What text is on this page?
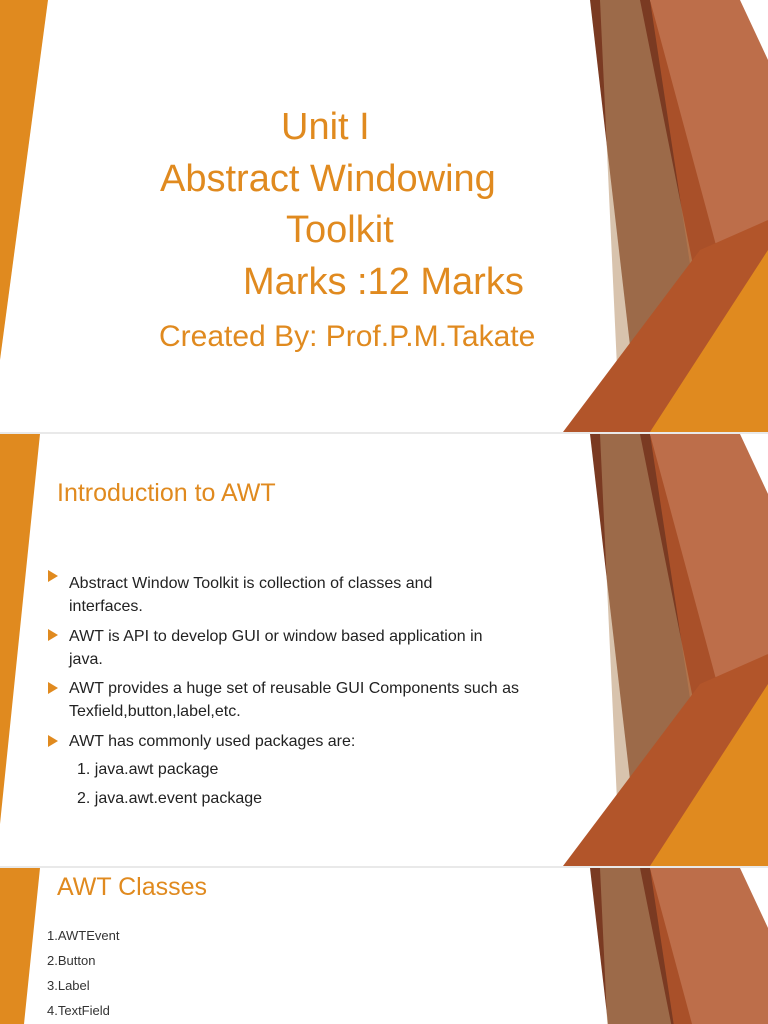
Unit I
Abstract Windowing
Toolkit
Marks :12 Marks
Created By: Prof.P.M.Takate
Introduction to AWT
Abstract Window Toolkit is collection of classes and
interfaces.
AWT is API to develop GUI or window based application in
java.
AWT provides a huge set of reusable GUI Components such as
Texfield,button,label,etc.
AWT has commonly used packages are:
1. java.awt package
2. java.awt.event package
AWT Classes
1.AWTEvent
2.Button
3.Label
4.TextField
